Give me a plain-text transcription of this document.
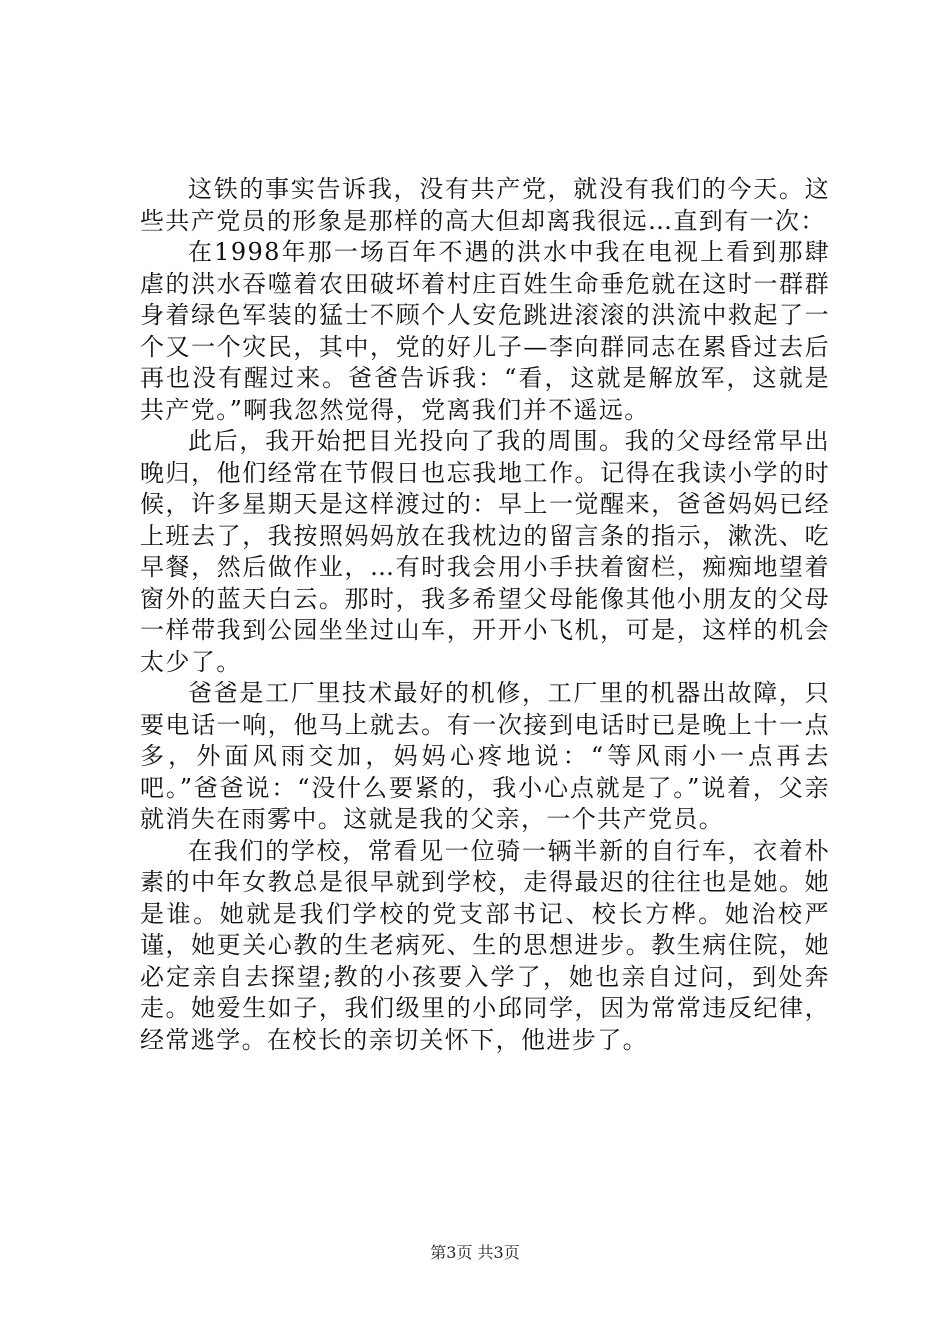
这铁的事实告诉我，没有共产党，就没有我们的今天。这些共产党员的形象是那样的高大但却离我很远…直到有一次：

在1998年那一场百年不遇的洪水中我在电视上看到那肆虐的洪水吞噬着农田破坏着村庄百姓生命垂危就在这时一群群身着绿色军装的猛士不顾个人安危跳进滚滚的洪流中救起了一个又一个灾民，其中，党的好儿子—李向群同志在累昏过去后再也没有醒过来。爸爸告诉我：“看，这就是解放军，这就是共产党。”啊我忽然觉得，党离我们并不遥远。

此后，我开始把目光投向了我的周围。我的父母经常早出晚归，他们经常在节假日也忘我地工作。记得在我读小学的时候，许多星期天是这样渡过的：早上一觉醒来，爸爸妈妈已经上班去了，我按照妈妈放在我枕边的留言条的指示，漱洗、吃早餐，然后做作业，…有时我会用小手扶着窗栏，痴痴地望着窗外的蓝天白云。那时，我多希望父母能像其他小朋友的父母一样带我到公园坐坐过山车，开开小飞机，可是，这样的机会太少了。

爸爸是工厂里技术最好的机修，工厂里的机器出故障，只要电话一响，他马上就去。有一次接到电话时已是晚上十一点多，外面风雨交加，妈妈心疼地说：“等风雨小一点再去吧。”爸爸说：“没什么要紧的，我小心点就是了。”说着，父亲就消失在雨雾中。这就是我的父亲，一个共产党员。

在我们的学校，常看见一位骑一辆半新的自行车，衣着朴素的中年女教总是很早就到学校，走得最迟的往往也是她。她是谁。她就是我们学校的党支部书记、校长方桦。她治校严谨，她更关心教的生老病死、生的思想进步。教生病住院，她必定亲自去探望;教的小孩要入学了，她也亲自过问，到处奔走。她爱生如子，我们级里的小邱同学，因为常常违反纪律，经常逃学。在校长的亲切关怀下，他进步了。

第3页 共3页
